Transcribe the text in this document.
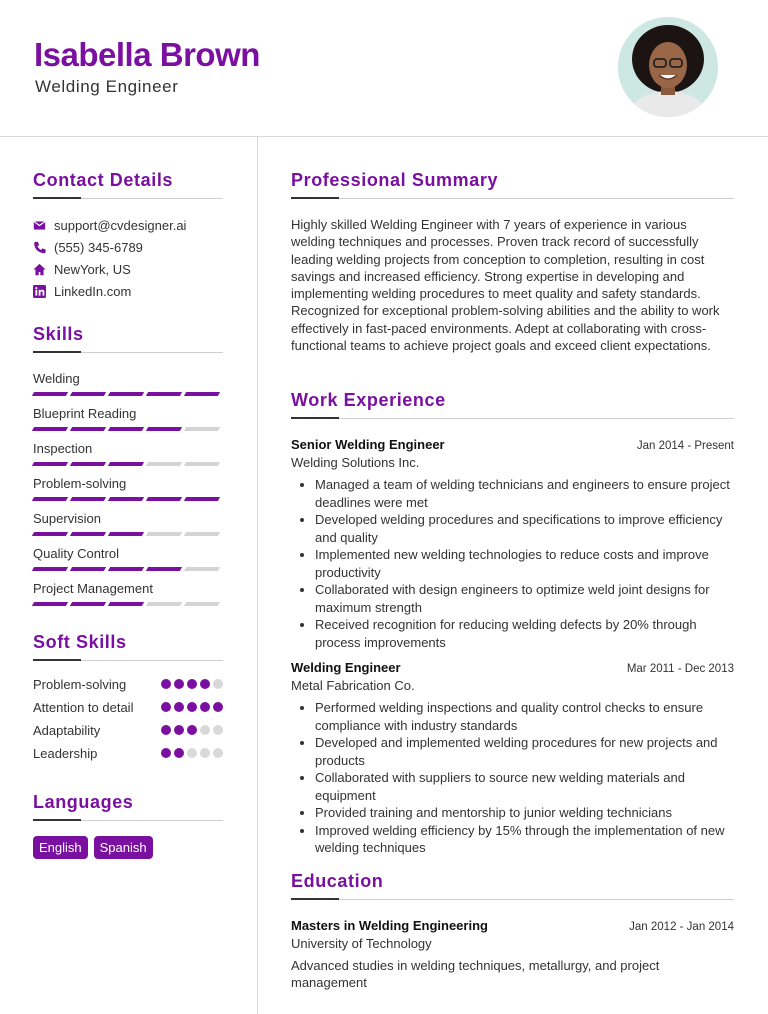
Isabella Brown
Welding Engineer
Contact Details
support@cvdesigner.ai
(555) 345-6789
NewYork, US
LinkedIn.com
Skills
Welding
Blueprint Reading
Inspection
Problem-solving
Supervision
Quality Control
Project Management
Soft Skills
Problem-solving
Attention to detail
Adaptability
Leadership
Languages
English	Spanish
Professional Summary
Highly skilled Welding Engineer with 7 years of experience in various welding techniques and processes. Proven track record of successfully leading welding projects from conception to completion, resulting in cost savings and increased efficiency. Strong expertise in developing and implementing welding procedures to meet quality and safety standards. Recognized for exceptional problem-solving abilities and the ability to work effectively in fast-paced environments. Adept at collaborating with cross-functional teams to achieve project goals and exceed client expectations.
Work Experience
Senior Welding Engineer	Jan 2014 - Present
Welding Solutions Inc.
• Managed a team of welding technicians and engineers to ensure project deadlines were met
• Developed welding procedures and specifications to improve efficiency and quality
• Implemented new welding technologies to reduce costs and improve productivity
• Collaborated with design engineers to optimize weld joint designs for maximum strength
• Received recognition for reducing welding defects by 20% through process improvements
Welding Engineer	Mar 2011 - Dec 2013
Metal Fabrication Co.
• Performed welding inspections and quality control checks to ensure compliance with industry standards
• Developed and implemented welding procedures for new projects and products
• Collaborated with suppliers to source new welding materials and equipment
• Provided training and mentorship to junior welding technicians
• Improved welding efficiency by 15% through the implementation of new welding techniques
Education
Masters in Welding Engineering	Jan 2012 - Jan 2014
University of Technology
Advanced studies in welding techniques, metallurgy, and project management
